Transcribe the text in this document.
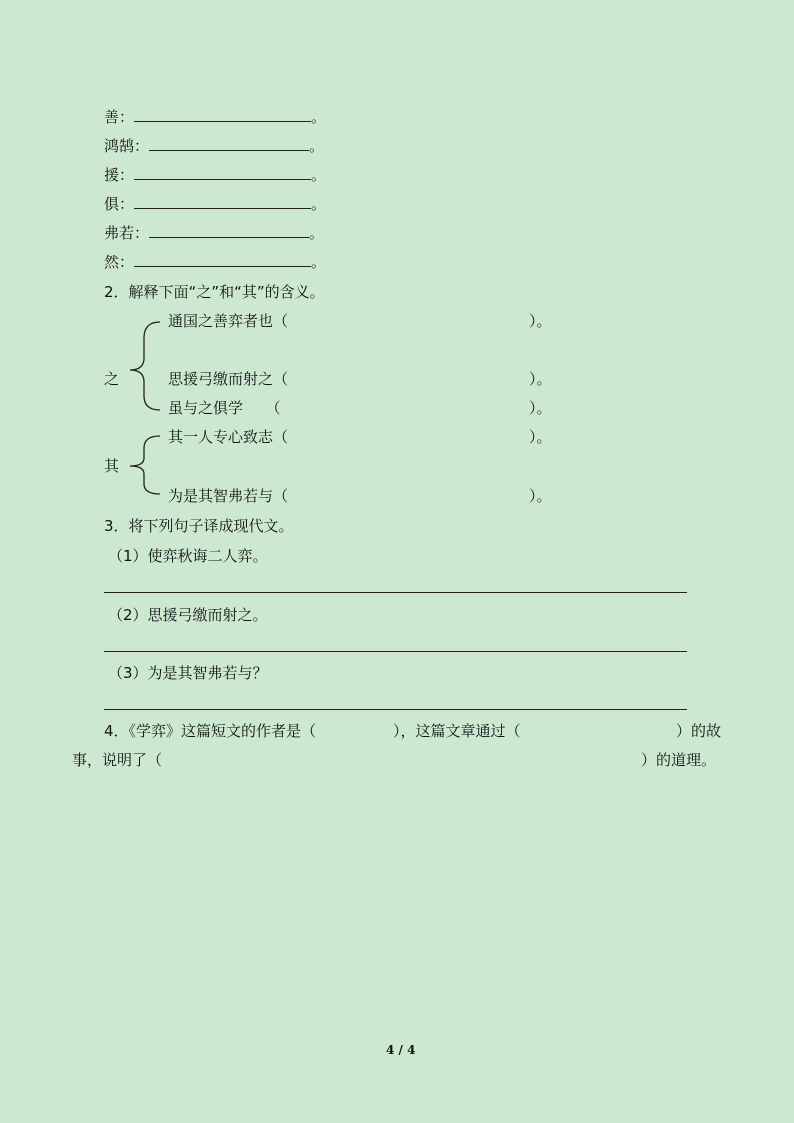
善：	。
鸿鹄：	。
援：	。
俱：	。
弗若：	。
然：	。
2．解释下面“之”和“其”的含义。
之
通国之善弈者也（	）。
思援弓缴而射之（	）。
虽与之俱学　　（	）。
其
其一人专心致志（	）。
为是其智弗若与（	）。
3．将下列句子译成现代文。
（1）使弈秋诲二人弈。
（2）思援弓缴而射之。
（3）为是其智弗若与？
4．《学弈》这篇短文的作者是（	），这篇文章通过（	）的故
事，说明了（	）的道理。
4 / 4
